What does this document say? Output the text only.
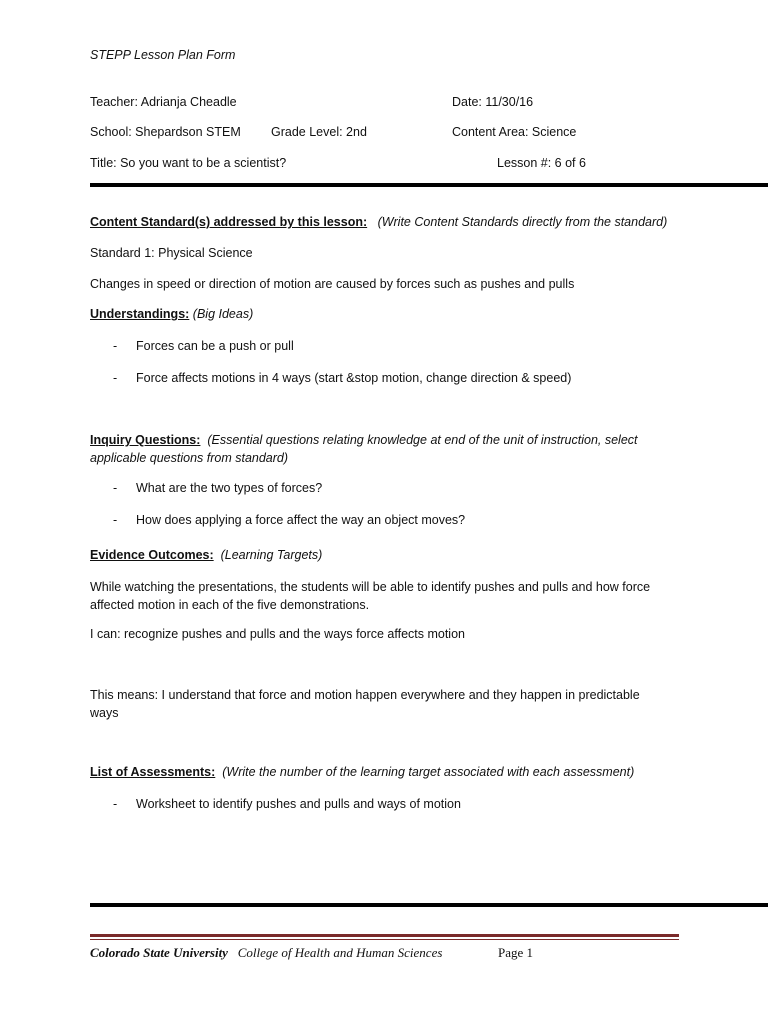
STEPP Lesson Plan Form
Teacher: Adrianja Cheadle	Date: 11/30/16
School: Shepardson STEM Grade Level: 2nd	Content Area: Science
Title: So you want to be a scientist?	Lesson #: 6 of 6
Content Standard(s) addressed by this lesson: (Write Content Standards directly from the standard)
Standard 1: Physical Science
Changes in speed or direction of motion are caused by forces such as pushes and pulls
Understandings: (Big Ideas)
- Forces can be a push or pull
- Force affects motions in 4 ways (start &stop motion, change direction & speed)
Inquiry Questions: (Essential questions relating knowledge at end of the unit of instruction, select applicable questions from standard)
- What are the two types of forces?
- How does applying a force affect the way an object moves?
Evidence Outcomes: (Learning Targets)
While watching the presentations, the students will be able to identify pushes and pulls and how force affected motion in each of the five demonstrations.
I can: recognize pushes and pulls and the ways force affects motion
This means: I understand that force and motion happen everywhere and they happen in predictable ways
List of Assessments: (Write the number of the learning target associated with each assessment)
- Worksheet to identify pushes and pulls and ways of motion
Colorado State University College of Health and Human Sciences	Page 1
